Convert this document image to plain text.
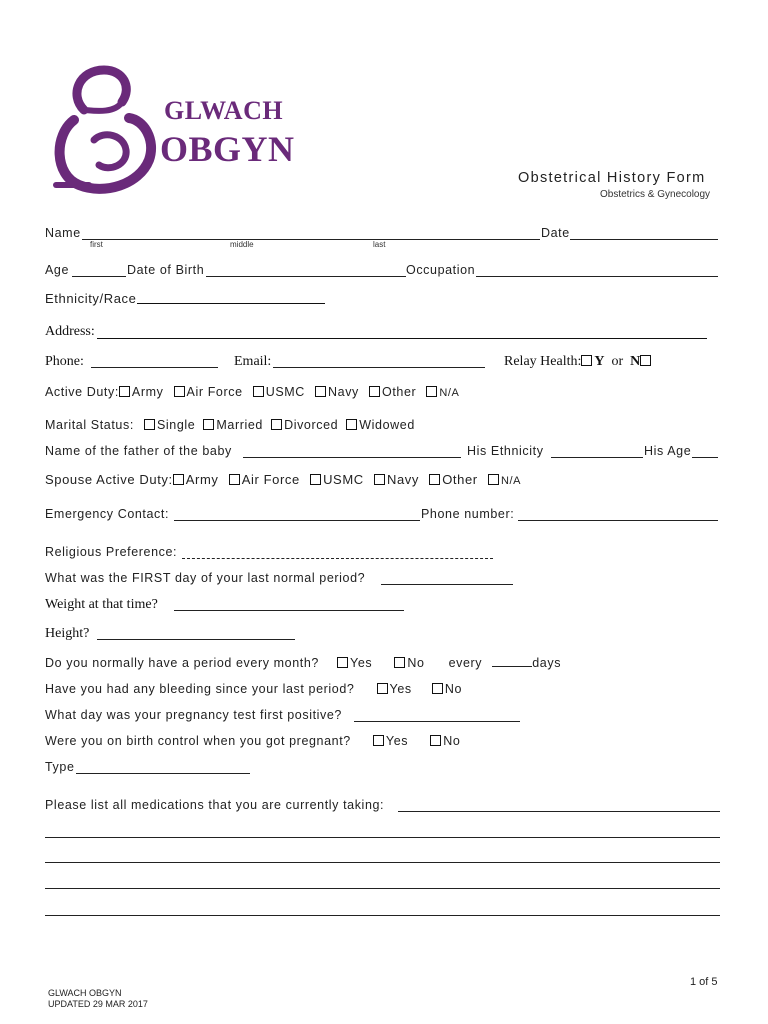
GLWACH
OBGYN
Obstetrical History Form
Obstetrics & Gynecology
Name
first	middle	last
Date
Age	Date of Birth	Occupation
Ethnicity/Race
Address:
Phone:	Email:	Relay Health: Y or N
Active Duty: Army Air Force USMC Navy Other N/A
Marital Status: Single Married Divorced Widowed
Name of the father of the baby	His Ethnicity	His Age
Spouse Active Duty: Army Air Force USMC Navy Other N/A
Emergency Contact:	Phone number:
Religious Preference:
What was the FIRST day of your last normal period?
Weight at that time?
Height?
Do you normally have a period every month? Yes	No every	days
Have you had any bleeding since your last period?	Yes	No
What day was your pregnancy test first positive?
Were you on birth control when you got pregnant?	Yes	No
Type
Please list all medications that you are currently taking:
1 of 5
GLWACH OBGYN
UPDATED 29 MAR 2017
